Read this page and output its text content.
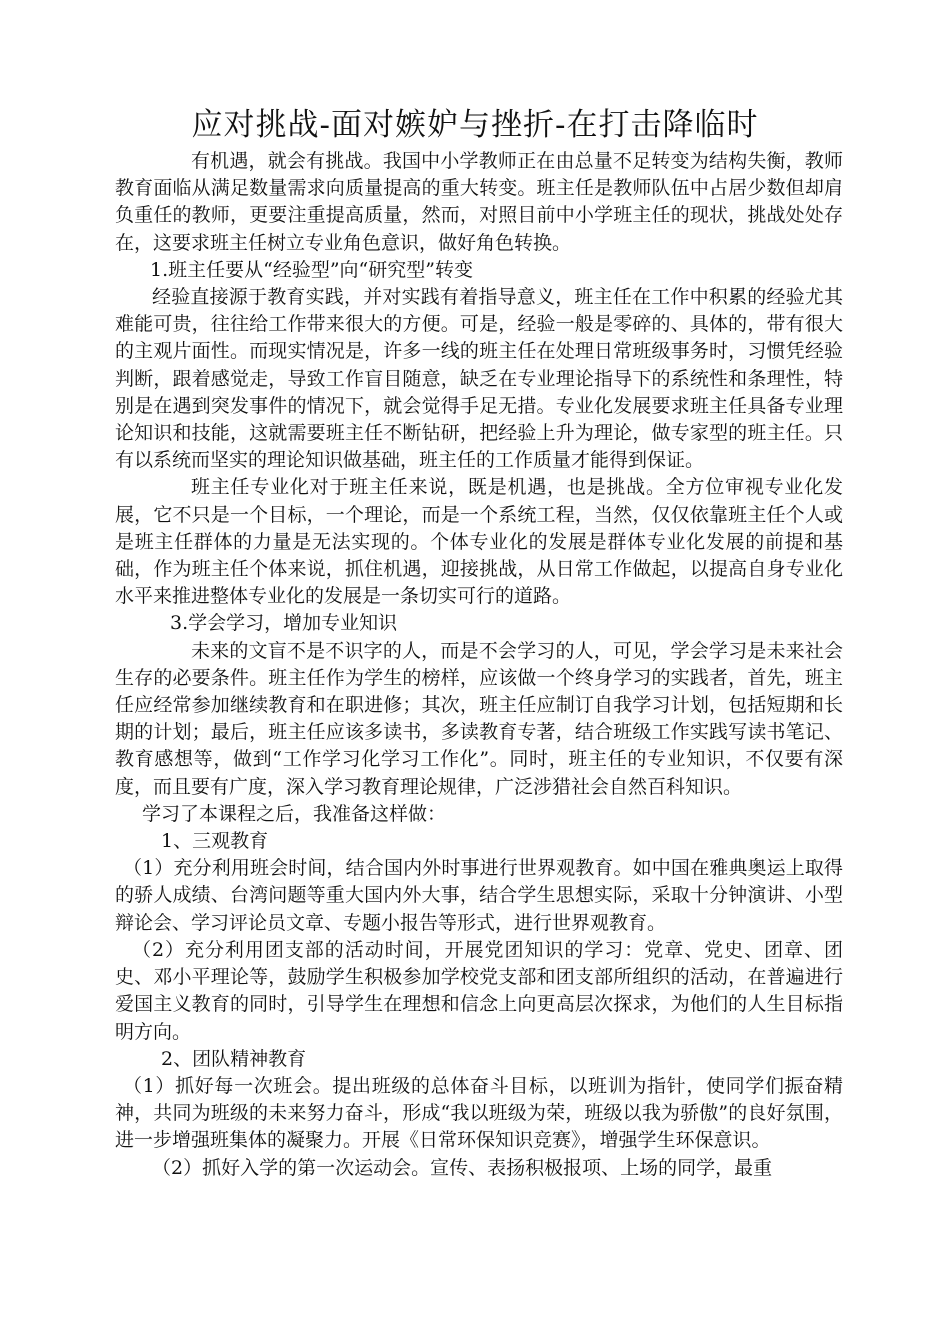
应对挑战-面对嫉妒与挫折-在打击降临时

有机遇，就会有挑战。我国中小学教师正在由总量不足转变为结构失衡，教师教育面临从满足数量需求向质量提高的重大转变。班主任是教师队伍中占居少数但却肩负重任的教师，更要注重提高质量，然而，对照目前中小学班主任的现状，挑战处处存在，这要求班主任树立专业角色意识，做好角色转换。

1.班主任要从“经验型”向“研究型”转变

经验直接源于教育实践，并对实践有着指导意义，班主任在工作中积累的经验尤其难能可贵，往往给工作带来很大的方便。可是，经验一般是零碎的、具体的，带有很大的主观片面性。而现实情况是，许多一线的班主任在处理日常班级事务时，习惯凭经验判断，跟着感觉走，导致工作盲目随意，缺乏在专业理论指导下的系统性和条理性，特别是在遇到突发事件的情况下，就会觉得手足无措。专业化发展要求班主任具备专业理论知识和技能，这就需要班主任不断钻研，把经验上升为理论，做专家型的班主任。只有以系统而坚实的理论知识做基础，班主任的工作质量才能得到保证。

班主任专业化对于班主任来说，既是机遇，也是挑战。全方位审视专业化发展，它不只是一个目标，一个理论，而是一个系统工程，当然，仅仅依靠班主任个人或是班主任群体的力量是无法实现的。个体专业化的发展是群体专业化发展的前提和基础，作为班主任个体来说，抓住机遇，迎接挑战，从日常工作做起，以提高自身专业化水平来推进整体专业化的发展是一条切实可行的道路。

3.学会学习，增加专业知识

未来的文盲不是不识字的人，而是不会学习的人，可见，学会学习是未来社会生存的必要条件。班主任作为学生的榜样，应该做一个终身学习的实践者，首先，班主任应经常参加继续教育和在职进修；其次，班主任应制订自我学习计划，包括短期和长期的计划；最后，班主任应该多读书，多读教育专著，结合班级工作实践写读书笔记、教育感想等，做到“工作学习化学习工作化”。同时，班主任的专业知识，不仅要有深度，而且要有广度，深入学习教育理论规律，广泛涉猎社会自然百科知识。

学习了本课程之后，我准备这样做：

1、三观教育

（1）充分利用班会时间，结合国内外时事进行世界观教育。如中国在雅典奥运上取得的骄人成绩、台湾问题等重大国内外大事，结合学生思想实际，采取十分钟演讲、小型辩论会、学习评论员文章、专题小报告等形式，进行世界观教育。

（2）充分利用团支部的活动时间，开展党团知识的学习：党章、党史、团章、团史、邓小平理论等，鼓励学生积极参加学校党支部和团支部所组织的活动，在普遍进行爱国主义教育的同时，引导学生在理想和信念上向更高层次探求，为他们的人生目标指明方向。

2、团队精神教育

（1）抓好每一次班会。提出班级的总体奋斗目标，以班训为指针，使同学们振奋精神，共同为班级的未来努力奋斗，形成“我以班级为荣，班级以我为骄傲”的良好氛围，进一步增强班集体的凝聚力。开展《日常环保知识竞赛》，增强学生环保意识。

（2）抓好入学的第一次运动会。宣传、表扬积极报项、上场的同学，最重
